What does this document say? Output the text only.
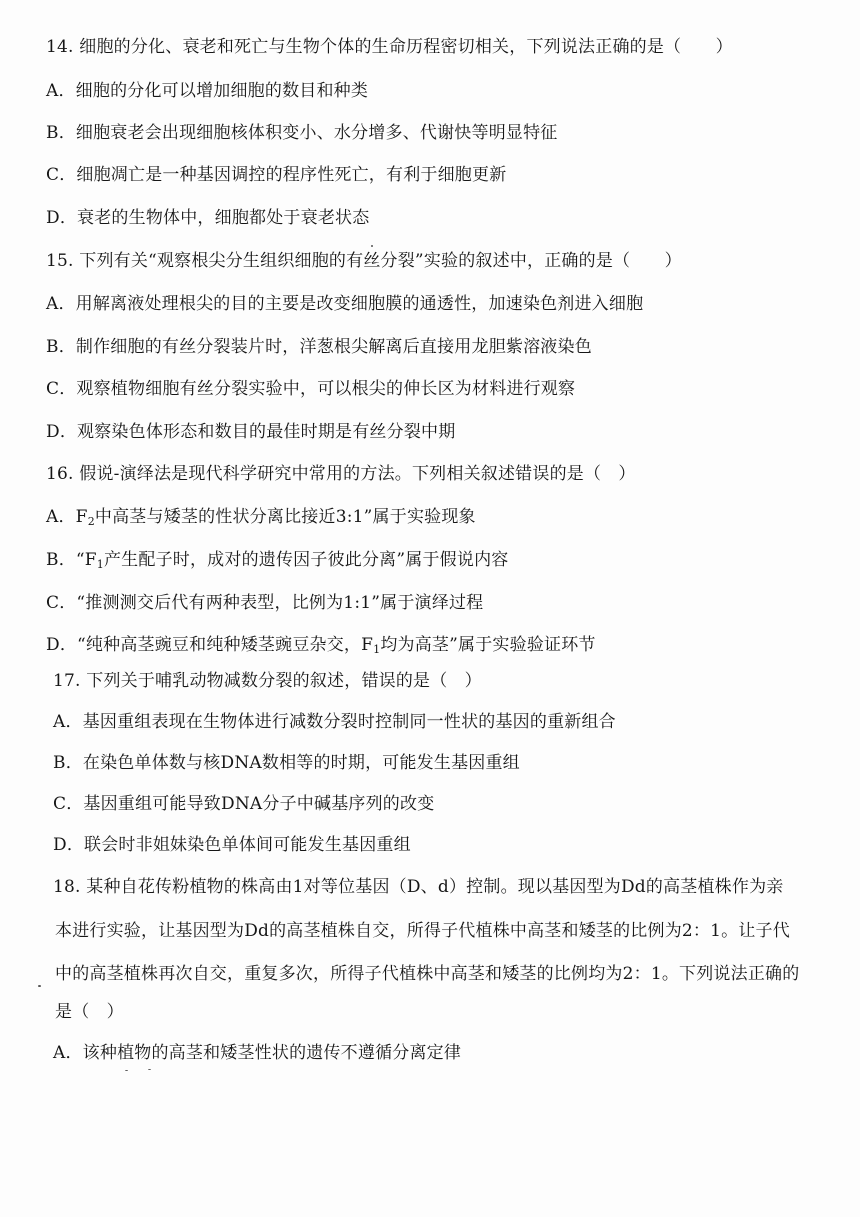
14. 细胞的分化、衰老和死亡与生物个体的生命历程密切相关，下列说法正确的是（　　）
A．细胞的分化可以增加细胞的数目和种类
B．细胞衰老会出现细胞核体积变小、水分增多、代谢快等明显特征
C．细胞凋亡是一种基因调控的程序性死亡，有利于细胞更新
D．衰老的生物体中，细胞都处于衰老状态
15. 下列有关“观察根尖分生组织细胞的有丝分裂”实验的叙述中，正确的是（　　）
A．用解离液处理根尖的目的主要是改变细胞膜的通透性，加速染色剂进入细胞
B．制作细胞的有丝分裂装片时，洋葱根尖解离后直接用龙胆紫溶液染色
C．观察植物细胞有丝分裂实验中，可以根尖的伸长区为材料进行观察
D．观察染色体形态和数目的最佳时期是有丝分裂中期
16. 假说-演绎法是现代科学研究中常用的方法。下列相关叙述错误的是（　）
A．$F_2$中高茎与矮茎的性状分离比接近3:1”属于实验现象
B．“$F_1$产生配子时，成对的遗传因子彼此分离”属于假说内容
C．“推测测交后代有两种表型，比例为1:1”属于演绎过程
D．“纯种高茎豌豆和纯种矮茎豌豆杂交，$F_1$均为高茎”属于实验验证环节
17. 下列关于哺乳动物减数分裂的叙述，错误的是（　）
A．基因重组表现在生物体进行减数分裂时控制同一性状的基因的重新组合
B．在染色单体数与核DNA数相等的时期，可能发生基因重组
C．基因重组可能导致DNA分子中碱基序列的改变
D．联会时非姐妹染色单体间可能发生基因重组
18. 某种自花传粉植物的株高由1对等位基因（D、d）控制。现以基因型为Dd的高茎植株作为亲
本进行实验，让基因型为Dd的高茎植株自交，所得子代植株中高茎和矮茎的比例为2：1。让子代
中的高茎植株再次自交，重复多次，所得子代植株中高茎和矮茎的比例均为2：1。下列说法正确的
是（　）
A．该种植物的高茎和矮茎性状的遗传不遵循分离定律
